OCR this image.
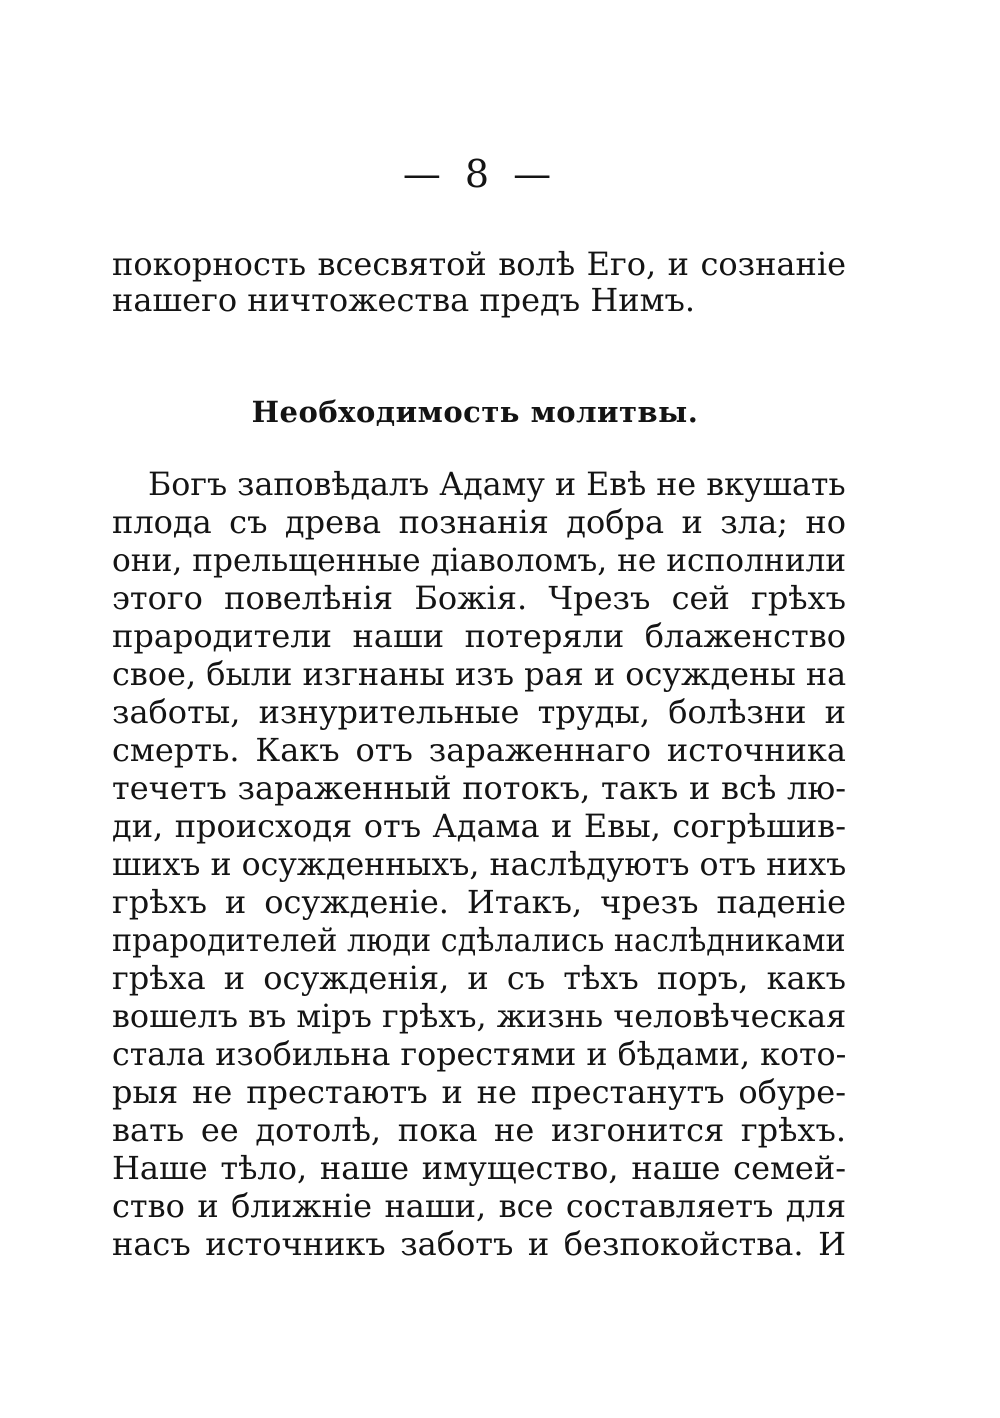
— 8 —
покорность всесвятой волѣ Его, и сознаніе
нашего ничтожества предъ Нимъ.
Необходимость молитвы.
Богъ заповѣдалъ Адаму и Евѣ не вкушать
плода съ древа познанія добра и зла; но
они, прельщенные діаволомъ, не исполнили
этого повелѣнія Божія. Чрезъ сей грѣхъ
прародители наши потеряли блаженство
свое, были изгнаны изъ рая и осуждены на
заботы, изнурительные труды, болѣзни и
смерть. Какъ отъ зараженнаго источника
течетъ зараженный потокъ, такъ и всѣ лю-
ди, происходя отъ Адама и Евы, согрѣшив-
шихъ и осужденныхъ, наслѣдуютъ отъ нихъ
грѣхъ и осужденіе. Итакъ, чрезъ паденіе
прародителей люди сдѣлались наслѣдниками
грѣха и осужденія, и съ тѣхъ поръ, какъ
вошелъ въ міръ грѣхъ, жизнь человѣческая
стала изобильна горестями и бѣдами, кото-
рыя не престаютъ и не престанутъ обуре-
вать ее дотолѣ, пока не изгонится грѣхъ.
Наше тѣло, наше имущество, наше семей-
ство и ближніе наши, все составляетъ для
насъ источникъ заботъ и безпокойства. И
